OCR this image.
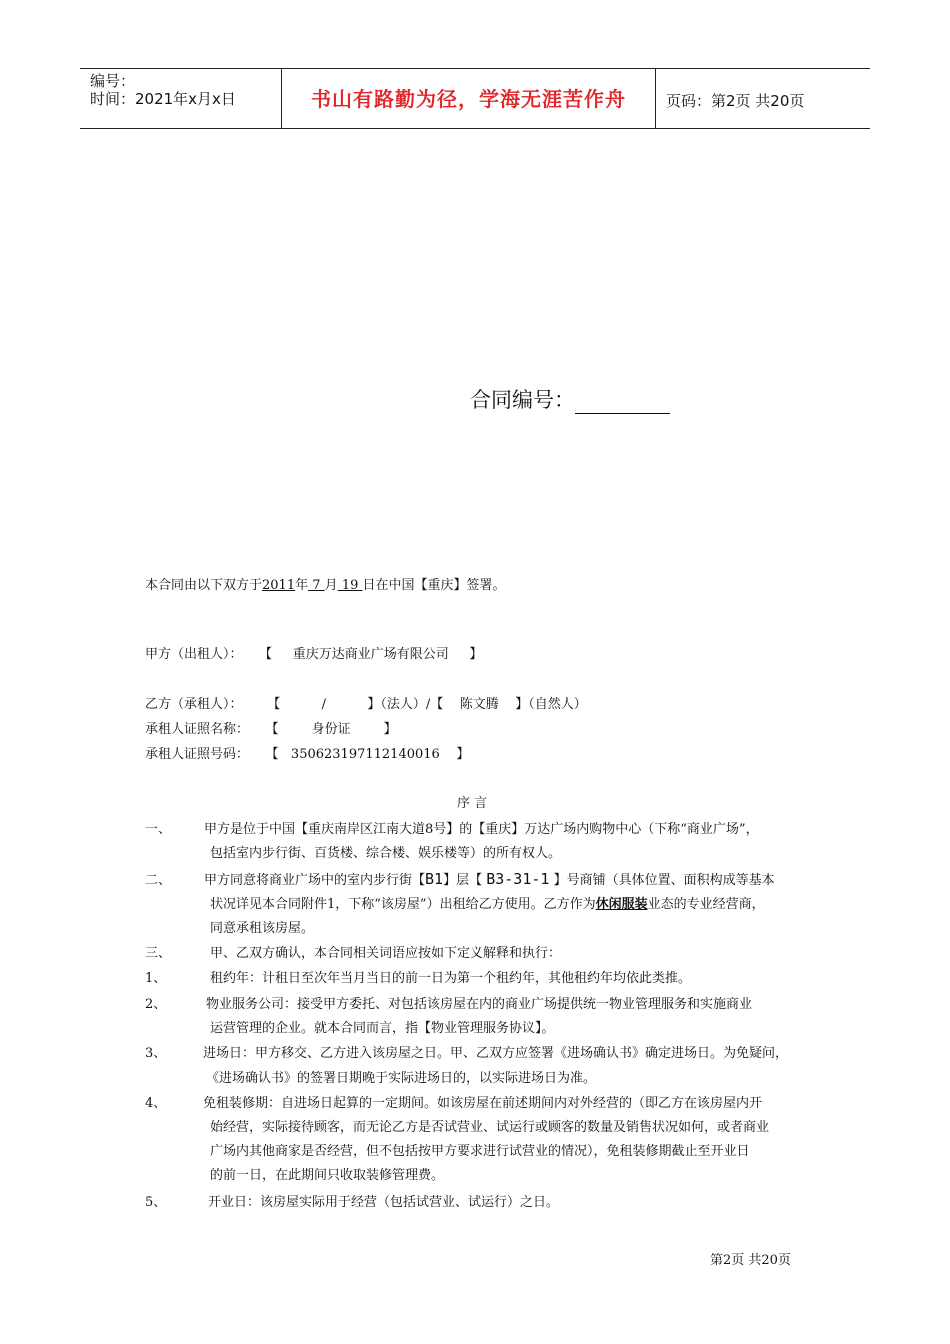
编号：
时间：2021年x月x日	书山有路勤为径，学海无涯苦作舟	页码：第2页 共20页
合同编号：
本合同由以下双方于2011年 7 月 19 日在中国【重庆】签署。
甲方（出租人）：    【     重庆万达商业广场有限公司     】
乙方（承租人）：      【          /          】（法人）/【    陈文腾    】（自然人）
承租人证照名称：    【        身份证        】
承租人证照号码：    【   350623197112140016    】
序 言
一、	甲方是位于中国【重庆南岸区江南大道8号】的【重庆】万达广场内购物中心（下称“商业广场”，
包括室内步行街、百货楼、综合楼、娱乐楼等）的所有权人。
二、	甲方同意将商业广场中的室内步行街【B1】层【 B3-31-1 】号商铺（具体位置、面积构成等基本
状况详见本合同附件1，下称“该房屋”）出租给乙方使用。乙方作为休闲服装业态的专业经营商，
同意承租该房屋。
三、	甲、乙双方确认，本合同相关词语应按如下定义解释和执行：
1、	租约年：计租日至次年当月当日的前一日为第一个租约年，其他租约年均依此类推。
2、	物业服务公司：接受甲方委托、对包括该房屋在内的商业广场提供统一物业管理服务和实施商业
运营管理的企业。就本合同而言，指【物业管理服务协议】。
3、	进场日：甲方移交、乙方进入该房屋之日。甲、乙双方应签署《进场确认书》确定进场日。为免疑问，
《进场确认书》的签署日期晚于实际进场日的，以实际进场日为准。
4、	免租装修期：自进场日起算的一定期间。如该房屋在前述期间内对外经营的（即乙方在该房屋内开
始经营，实际接待顾客，而无论乙方是否试营业、试运行或顾客的数量及销售状况如何，或者商业
广场内其他商家是否经营，但不包括按甲方要求进行试营业的情况），免租装修期截止至开业日
的前一日，在此期间只收取装修管理费。
5、	开业日：该房屋实际用于经营（包括试营业、试运行）之日。
第2页 共20页
